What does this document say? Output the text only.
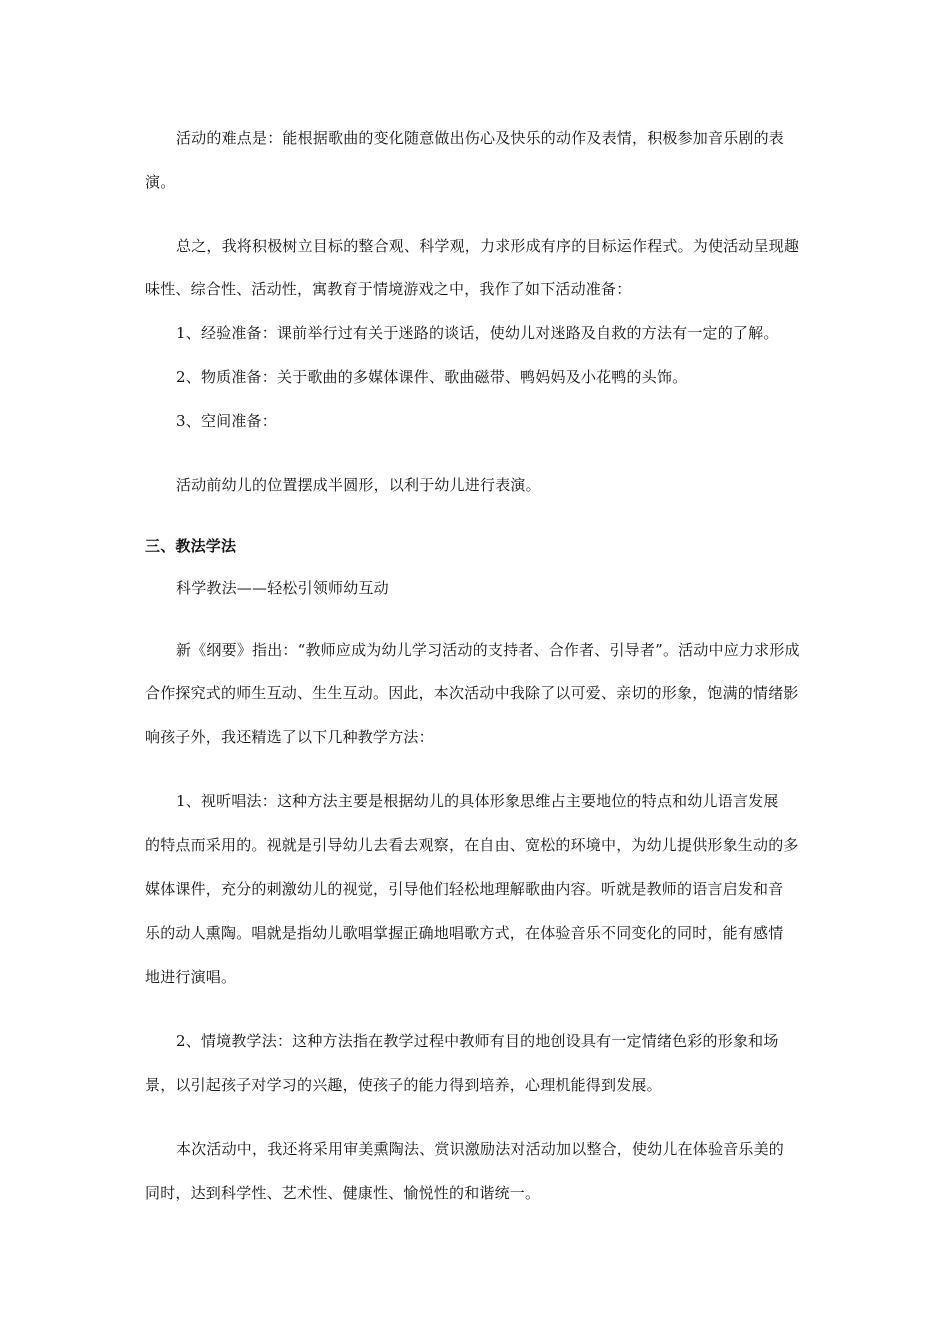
活动的难点是：能根据歌曲的变化随意做出伤心及快乐的动作及表情，积极参加音乐剧的表
演。
总之，我将积极树立目标的整合观、科学观，力求形成有序的目标运作程式。为使活动呈现趣
味性、综合性、活动性，寓教育于情境游戏之中，我作了如下活动准备：
1、经验准备：课前举行过有关于迷路的谈话，使幼儿对迷路及自救的方法有一定的了解。
2、物质准备：关于歌曲的多媒体课件、歌曲磁带、鸭妈妈及小花鸭的头饰。
3、空间准备：
活动前幼儿的位置摆成半圆形，以利于幼儿进行表演。
三、教法学法
科学教法——轻松引领师幼互动
新《纲要》指出：“教师应成为幼儿学习活动的支持者、合作者、引导者”。活动中应力求形成
合作探究式的师生互动、生生互动。因此，本次活动中我除了以可爱、亲切的形象，饱满的情绪影
响孩子外，我还精选了以下几种教学方法：
1、视听唱法：这种方法主要是根据幼儿的具体形象思维占主要地位的特点和幼儿语言发展
的特点而采用的。视就是引导幼儿去看去观察，在自由、宽松的环境中，为幼儿提供形象生动的多
媒体课件，充分的刺激幼儿的视觉，引导他们轻松地理解歌曲内容。听就是教师的语言启发和音
乐的动人熏陶。唱就是指幼儿歌唱掌握正确地唱歌方式，在体验音乐不同变化的同时，能有感情
地进行演唱。
2、情境教学法：这种方法指在教学过程中教师有目的地创设具有一定情绪色彩的形象和场
景，以引起孩子对学习的兴趣，使孩子的能力得到培养，心理机能得到发展。
本次活动中，我还将采用审美熏陶法、赏识激励法对活动加以整合，使幼儿在体验音乐美的
同时，达到科学性、艺术性、健康性、愉悦性的和谐统一。
